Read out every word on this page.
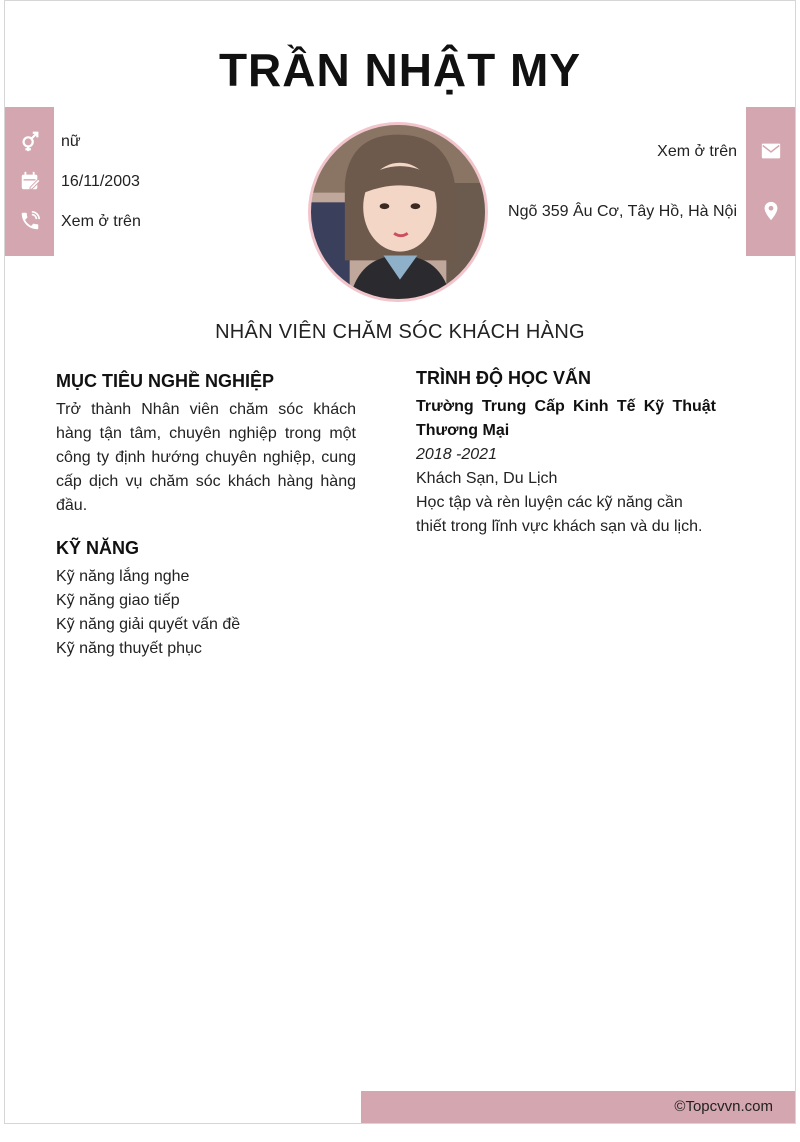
TRẦN NHẬT MY
nữ
16/11/2003
Xem ở trên
Xem ở trên
Ngõ 359 Âu Cơ, Tây Hồ, Hà Nội
NHÂN VIÊN CHĂM SÓC KHÁCH HÀNG
MỤC TIÊU NGHỀ NGHIỆP
Trở thành Nhân viên chăm sóc khách hàng tận tâm, chuyên nghiệp trong một công ty định hướng chuyên nghiệp, cung cấp dịch vụ chăm sóc khách hàng hàng đầu.
KỸ NĂNG
Kỹ năng lắng nghe
Kỹ năng giao tiếp
Kỹ năng giải quyết vấn đề
Kỹ năng thuyết phục
TRÌNH ĐỘ HỌC VẤN
Trường Trung Cấp Kinh Tế Kỹ Thuật Thương Mại
2018 -2021
Khách Sạn, Du Lịch
Học tập và rèn luyện các kỹ năng cần thiết trong lĩnh vực khách sạn và du lịch.
©Topcvvn.com
